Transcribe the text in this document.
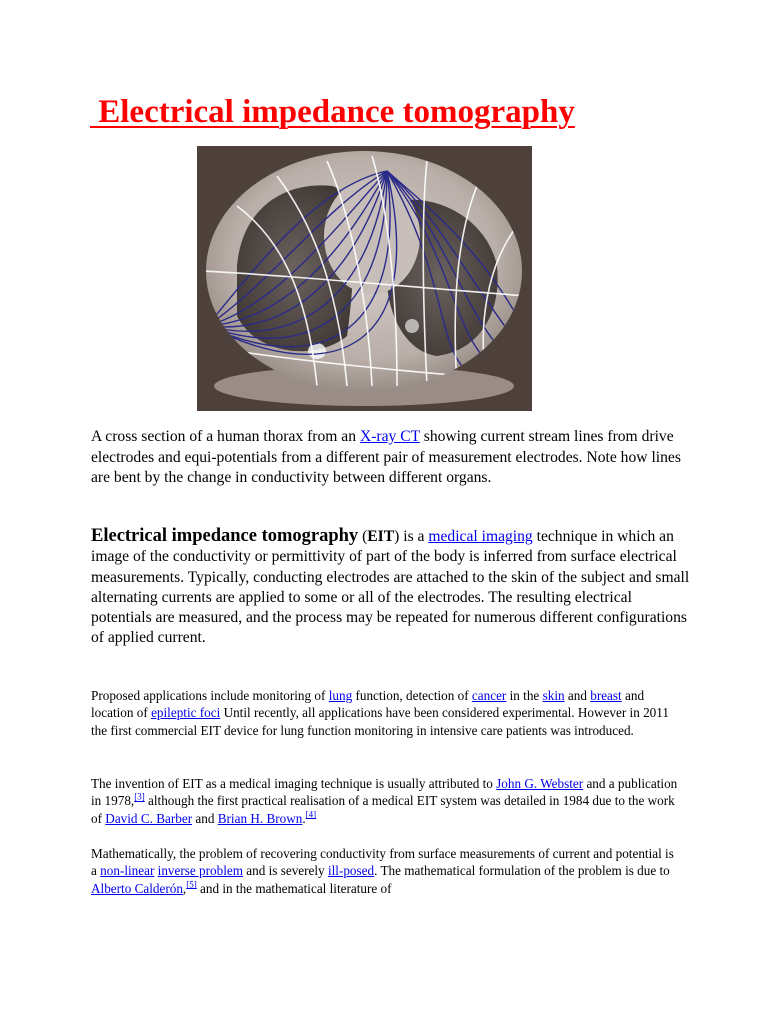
Electrical impedance tomography

A cross section of a human thorax from an X-ray CT showing current stream lines from drive electrodes and equi-potentials from a different pair of measurement electrodes. Note how lines are bent by the change in conductivity between different organs.

Electrical impedance tomography (EIT) is a medical imaging technique in which an image of the conductivity or permittivity of part of the body is inferred from surface electrical measurements. Typically, conducting electrodes are attached to the skin of the subject and small alternating currents are applied to some or all of the electrodes. The resulting electrical potentials are measured, and the process may be repeated for numerous different configurations of applied current.

Proposed applications include monitoring of lung function, detection of cancer in the skin and breast and location of epileptic foci Until recently, all applications have been considered experimental. However in 2011 the first commercial EIT device for lung function monitoring in intensive care patients was introduced.

The invention of EIT as a medical imaging technique is usually attributed to John G. Webster and a publication in 1978,[3] although the first practical realisation of a medical EIT system was detailed in 1984 due to the work of David C. Barber and Brian H. Brown.[4]

Mathematically, the problem of recovering conductivity from surface measurements of current and potential is a non-linear inverse problem and is severely ill-posed. The mathematical formulation of the problem is due to Alberto Calderón,[5] and in the mathematical literature of
